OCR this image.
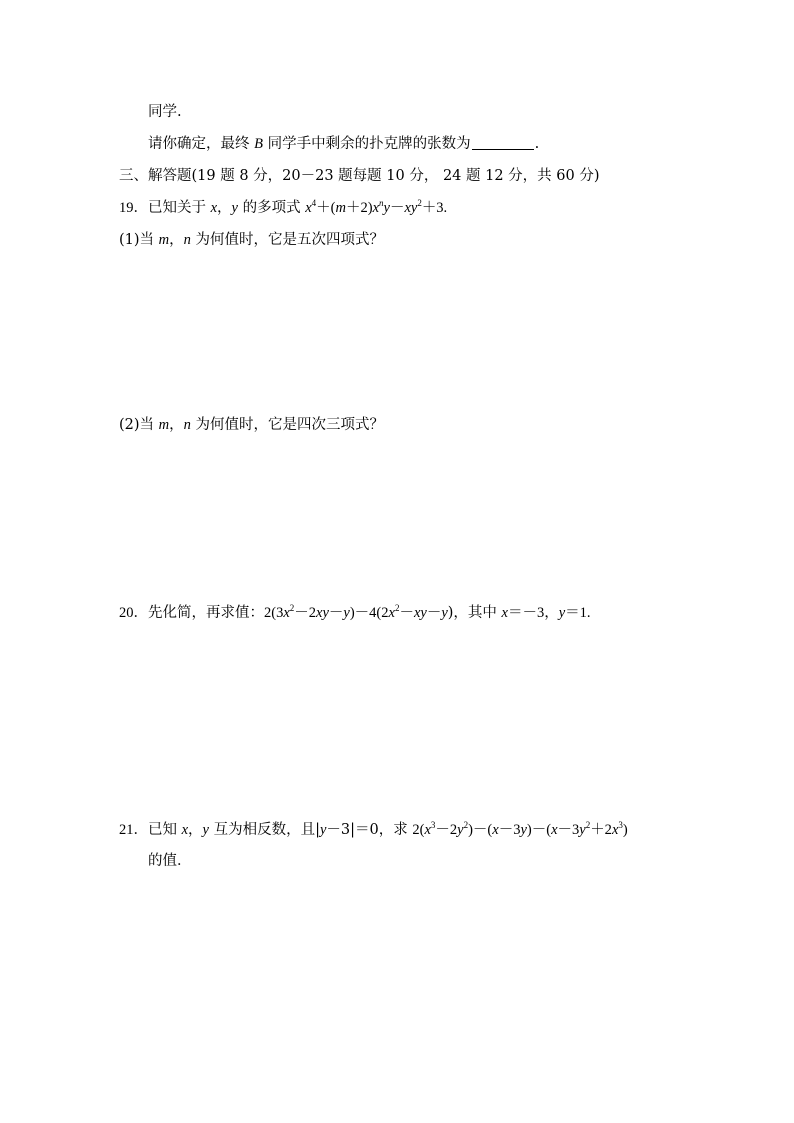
同学.
请你确定，最终 B 同学手中剩余的扑克牌的张数为	.
三、解答题(19 题 8 分，20－23 题每题 10 分， 24 题 12 分，共 60 分)
19．已知关于 x，y 的多项式 $x^4+(m+2)x^ny-xy^2+3$.
(1)当 m，n 为何值时，它是五次四项式？
(2)当 m，n 为何值时，它是四次三项式？
20．先化简，再求值：$2(3x^2-2xy-y)-4(2x^2-xy-y)$，其中 x＝－3，y＝1.
21．已知 x，y 互为相反数，且|y－3|＝0，求 $2(x^3-2y^2)-(x-3y)-(x-3y^2+2x^3)$
的值．
